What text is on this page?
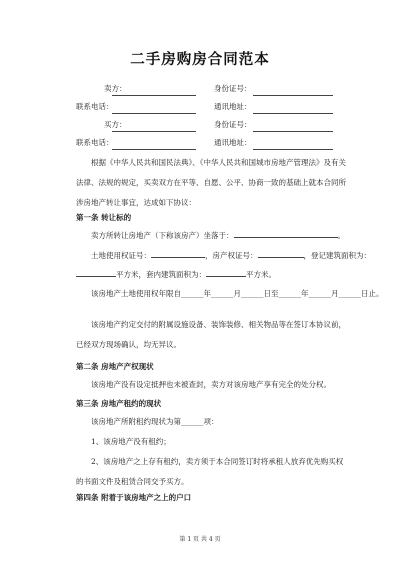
二手房购房合同范本
卖方：	身份证号：
联系电话：	通讯地址：
买方：	身份证号：
联系电话：	通讯地址：
根据《中华人民共和国民法典》、《中华人民共和国城市房地产管理法》及有关法律、法规的规定，买卖双方在平等、自愿、公平、协商一致的基础上就本合同所涉房地产转让事宜，达成如下协议：
第一条 转让标的
卖方所转让房地产（下称该房产）坐落于：	。
土地使用权证号：	，房产权证号：	，登记建筑面积为：
平方米，套内建筑面积为：	平方米。
该房地产土地使用权年限自______年______月______日至______年______月______日止。
该房地产约定交付的附属设施设备、装饰装修、相关物品等在签订本协议前，已经双方现场确认，均无异议。
第二条 房地产产权现状
该房地产没有设定抵押也未被查封，卖方对该房地产享有完全的处分权。
第三条 房地产租约的现状
该房地产所附租约现状为第______项：
1、该房地产没有租约；
2、该房地产之上存有租约，卖方须于本合同签订时将承租人放弃优先购买权的书面文件及租赁合同交予买方。
第四条 附着于该房地产之上的户口
第 1 页 共 4 页
